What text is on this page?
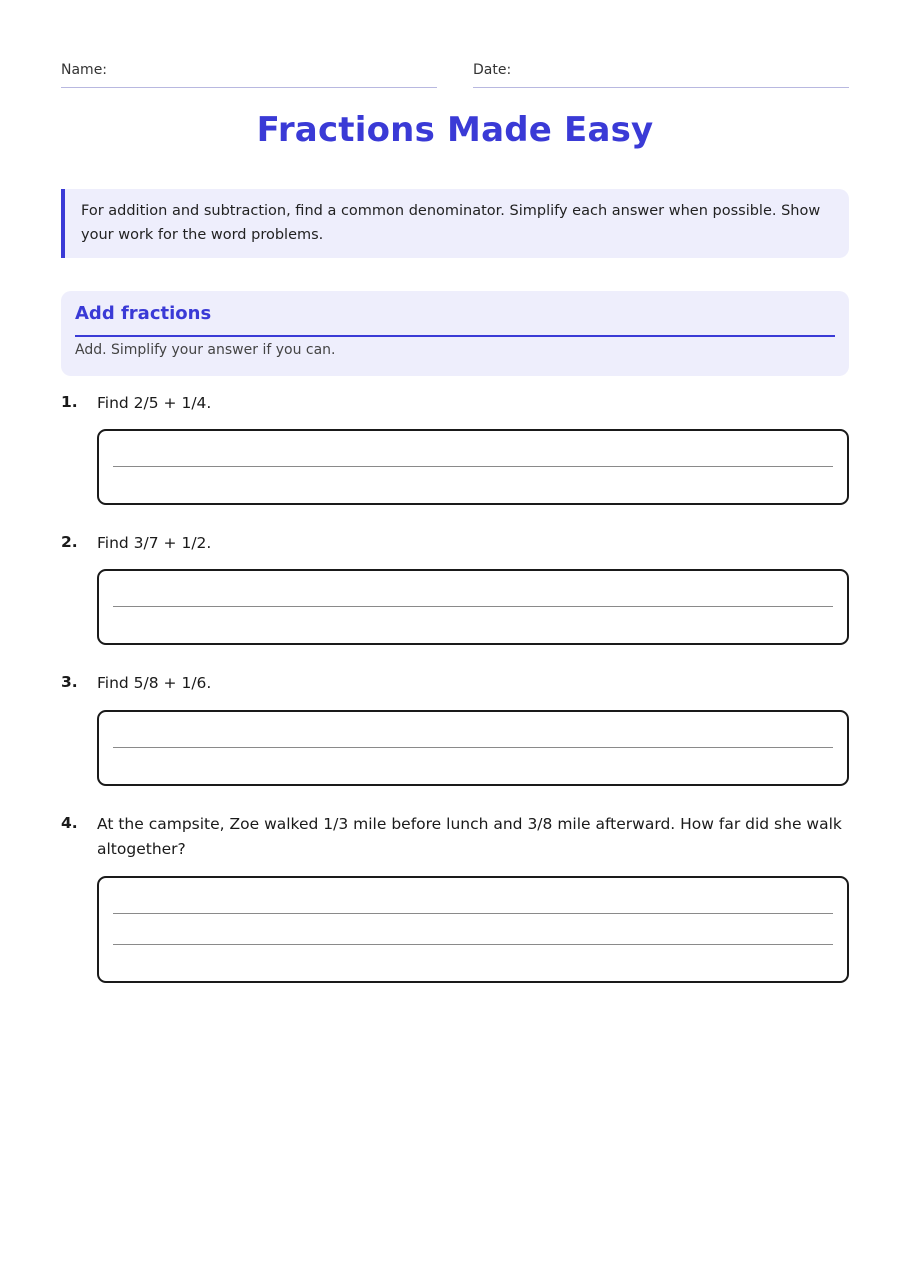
Name:	Date:
Fractions Made Easy
For addition and subtraction, find a common denominator. Simplify each answer when possible. Show your work for the word problems.
Add fractions
Add. Simplify your answer if you can.
1. Find 2/5 + 1/4.
2. Find 3/7 + 1/2.
3. Find 5/8 + 1/6.
4. At the campsite, Zoe walked 1/3 mile before lunch and 3/8 mile afterward. How far did she walk altogether?
